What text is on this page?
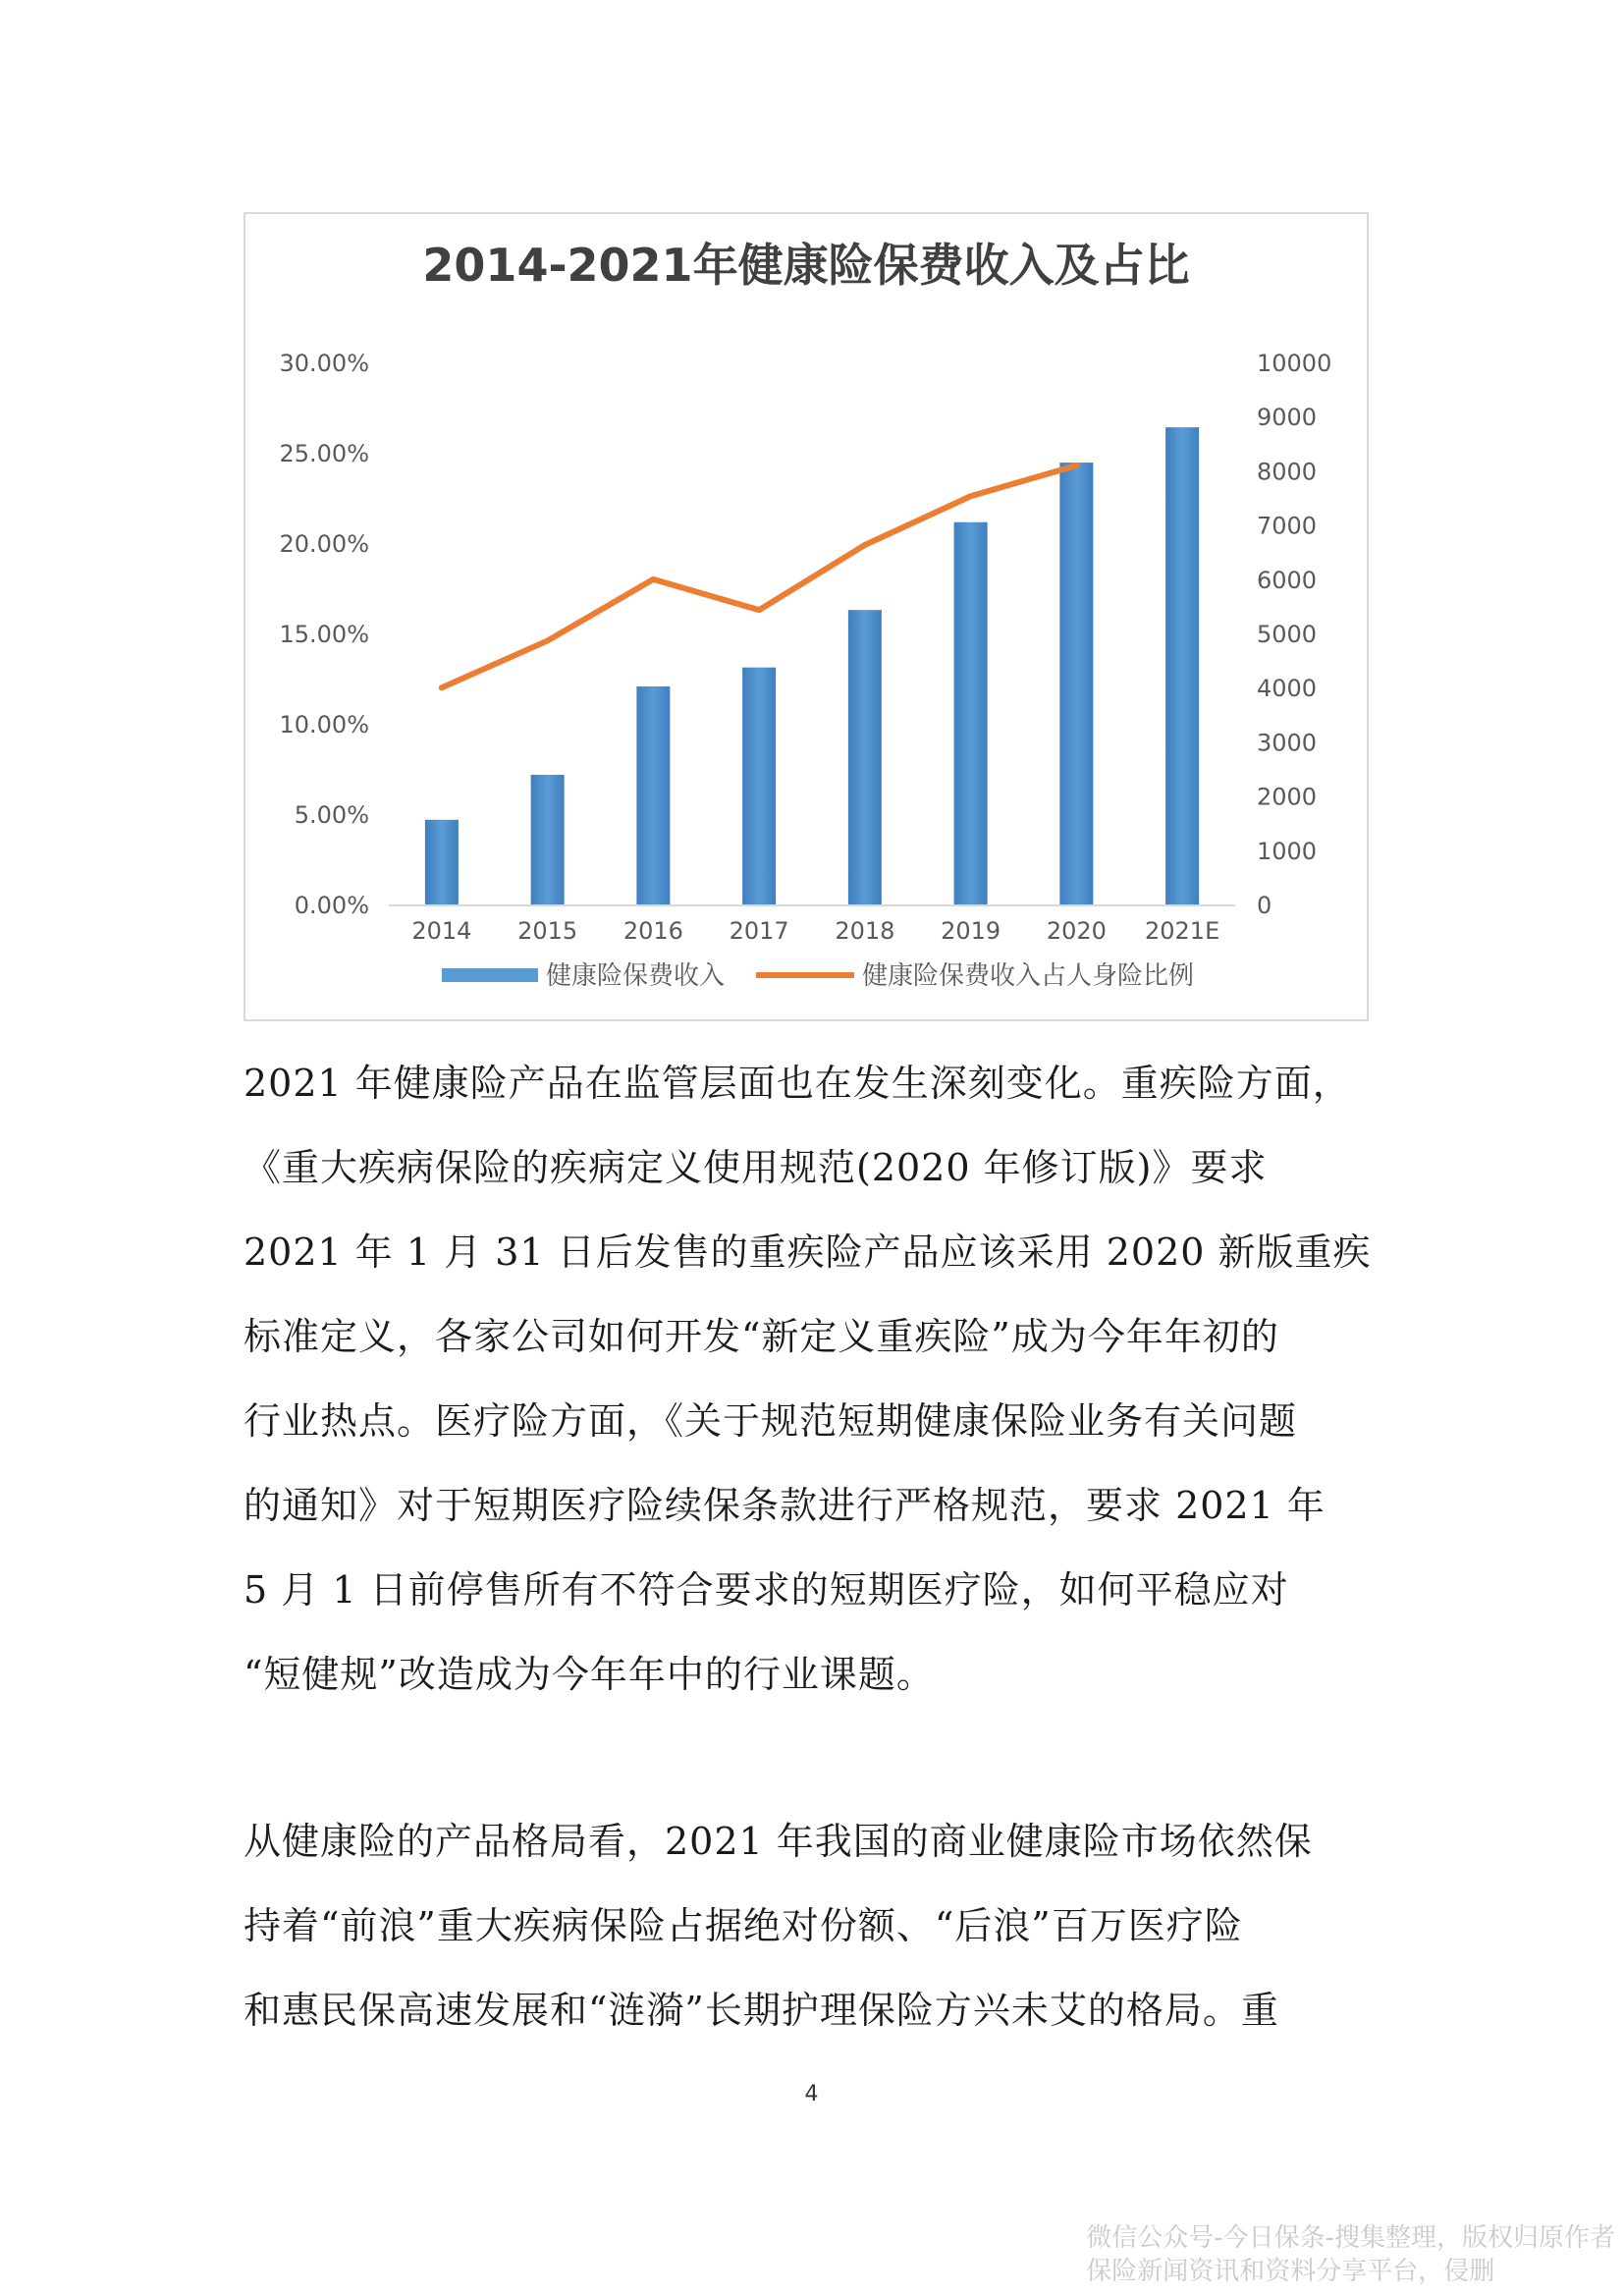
2014-2021年健康险保费收入及占比
0.00%
5.00%
10.00%
15.00%
20.00%
25.00%
30.00%
0
1000
2000
3000
4000
5000
6000
7000
8000
9000
10000
2014 2015 2016 2017 2018 2019 2020 2021E
健康险保费收入	健康险保费收入占人身险比例
2021 年健康险产品在监管层面也在发生深刻变化。重疾险方面，
《重大疾病保险的疾病定义使用规范(2020 年修订版)》要求
2021 年 1 月 31 日后发售的重疾险产品应该采用 2020 新版重疾
标准定义，各家公司如何开发“新定义重疾险”成为今年年初的
行业热点。医疗险方面，《关于规范短期健康保险业务有关问题
的通知》对于短期医疗险续保条款进行严格规范，要求 2021 年
5 月 1 日前停售所有不符合要求的短期医疗险，如何平稳应对
“短健规”改造成为今年年中的行业课题。
从健康险的产品格局看，2021 年我国的商业健康险市场依然保
持着“前浪”重大疾病保险占据绝对份额、“后浪”百万医疗险
和惠民保高速发展和“涟漪”长期护理保险方兴未艾的格局。重
4
微信公众号-今日保条-搜集整理，版权归原作者
保险新闻资讯和资料分享平台，侵删
